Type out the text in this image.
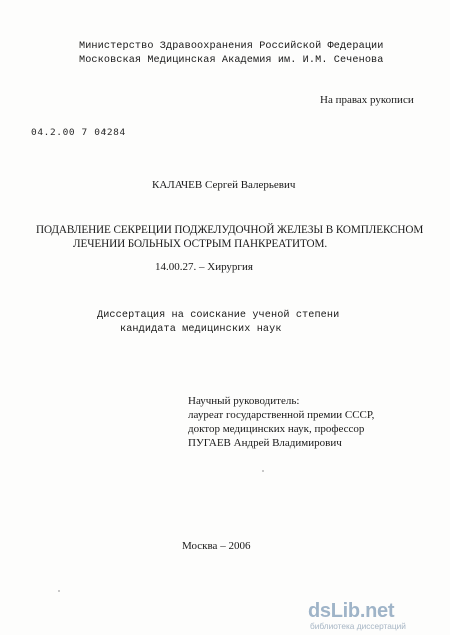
Министерство Здравоохранения Российской Федерации
Московская Медицинская Академия им. И.М. Сеченова
На правах рукописи
04.2.00 7 04284
КАЛАЧЕВ Сергей Валерьевич
ПОДАВЛЕНИЕ СЕКРЕЦИИ ПОДЖЕЛУДОЧНОЙ ЖЕЛЕЗЫ В КОМПЛЕКСНОМ
ЛЕЧЕНИИ БОЛЬНЫХ ОСТРЫМ ПАНКРЕАТИТОМ.
14.00.27. – Хирургия
Диссертация на соискание ученой степени
кандидата медицинских наук
Научный руководитель:
лауреат государственной премии СССР,
доктор медицинских наук, профессор
ПУГАЕВ Андрей Владимирович
Москва – 2006
dsLib.net
библиотека диссертаций
